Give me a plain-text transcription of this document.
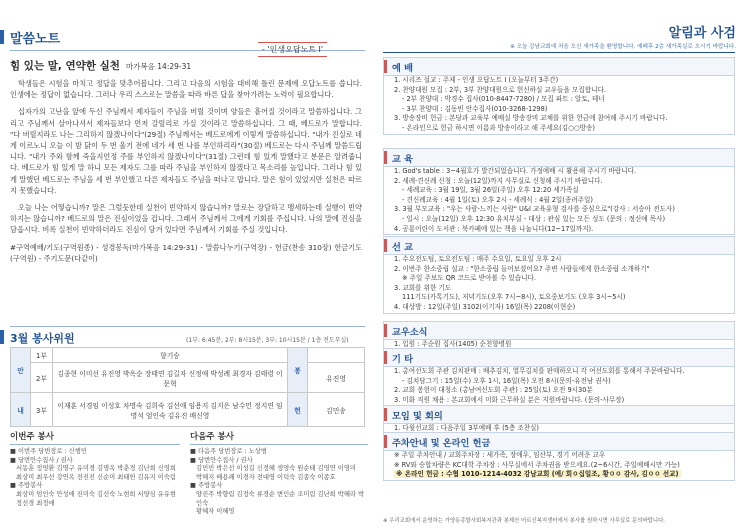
말씀노트
- '인생오답노트 I'
힘 있는 말, 연약한 실천 마가복음 14:29-31

학생들은 시험을 마치고 정답을 맞추어봅니다. 그리고 다음의 시험을 대비해 틀린 문제에 오답노트를 씁니다. 인생에는 정답이 없습니다. 그러나 우리 스스로는 말씀을 따라 바른 답을 찾아가려는 노력이 필요합니다.

십자가의 고난을 앞에 두신 주님께서 제자들이 주님을 버릴 것이며 양들은 흩어질 것이라고 말씀하십니다. 그리고 주님께서 살아나셔서 제자들보다 먼저 갈릴리로 가실 것이라고 말씀하십니다. 그 때, 베드로가 말합니다. "다 버릴지라도 나는 그리하지 않겠나이다"(29절) 주님께서는 베드로에게 이렇게 말씀하십니다. "내가 진실로 네게 이르노니 오늘 이 밤 닭이 두 번 울기 전에 네가 세 번 나를 부인하리라"(30절) 베드로는 다시 주님께 말씀드립니다. "내가 주와 함께 죽을지언정 주를 부인하지 않겠나이다"(31절) 그런데 힘 있게 말했다고 분문은 알려줍니다. 베드로가 힘 있게 말 하니 모든 제자도 그를 따라 주님을 부인하지 않겠다고 목소리를 높입니다. 그러나 힘 있게 말했던 베드로는 주님을 세 번 부인했고 다른 제자들도 주님을 떠나고 맙니다. 말은 힘이 있었지만 실천은 따르지 못했습니다.

오늘 나는 어떻습니까? 말은 그럴듯한데 실천이 빈약하지 않습니까? 말로는 장담하고 맹세하는데 실행이 빈약하지는 않습니까? 베드로의 말은 진심이었을 겁니다. 그래서 주님께서 그에게 기회를 주십니다. 나의 말에 진심을 담읍시다. 비록 실천이 빈약하더라도 진심이 담겨 있다면 주님께서 기회를 주실 것입니다.

#구역예배/기도(구역원종) - 성경봉독(마가복음 14:29-31) - 말씀나누기(구역장) - 헌금(찬송 310장) 헌금기도(구역원) - 주기도문(다같이)

3월 봉사위원	(1부: 6:45분, 2부: 8시15분, 3부: 10시15분 / 1층 전도부실)
안	1부	향기승	봉	
	2부	김종현 이미선 유진영 박옥순 장태연 김길자 신정애 박성례 최경자 김태령 이문혁		유진영
내	3부	이재훈 서경임 이성호 차명숙 김희숙 김선애 임용지 김지은 남수민 정지연 임명석 엄인숙 김유진 배신영	헌	김민송
이번주 봉사
■ 이번주 당번장로 : 신행민
■ 당번안수집사 / 권사
서동훈 정영환 김명구 유미경 김명옥 박춘경 김난희 신영희
최상미 최우선 강연옥 전진진 신순미 최태헌 김유지 이숙림
■ 주방봉사
최상미 엄인숙 안성애 진미숙 김선숙 노현희 서양심 유유현
정선경 최정애
다음주 봉사
■ 다음주 당번장로 : 노상범
■ 당번안수집사 / 권사
김민민 박은선 이성길 신정혜 생영숙 원순태 김영연 이영미
박혜지 배용쾌 이경자 전대영 이덕숙 김종숙 이종호
■ 주방봉사
양진주 박향림 김정숙 류경순 변인순 조미림 김난희 박혜라 박인숙
황혜자 이혜영
알림과 사검
※ 오늘 강남교회에 처음 오신 새가족을 환영합니다. 예배후 2층 새가족실로 오시기 바랍니다.
예 배
1. 시리즈 설교 : 주제 - 인생 오답노트 I (오늘부터 3주간)
2. 찬양대원 모집 : 2부, 3부 찬양대원으로 헌신하실 교우들을 모집합니다.
- 2부 찬양대 : 박경수 집사(010-8447-7280) / 모집 파트 : 알토, 테너
- 3부 찬양대 : 김동빈 안수집사(010-3268-1298)
3. 방송장비 헌금 : 본당과 교육부 예배실 방송장비 교체를 위한 헌금에 참여해 주시기 바랍니다.
- 온라인으로 헌금 하시면 이름과 방송이라고 해 주세요(김○○방송)
교 육
1. God's table : 3~4월호가 발간되었습니다. 가정예배 시 활용해 주시기 바랍니다.
2. 세례·견신례 신청 : 오늘(12일)까지 사무실로 신청해 주시기 바랍니다.
- 세례교육 : 3월 19일, 3월 26일(주일) 오후 12:20 세가족실
- 견신례교육 : 4월 1일(토) 오후 2시 - 세례식 : 4월 2일(종려주일)
3. 3월 부모교육 : "우는 사람-느끼는 사람" U&I 교육유형 검사를 중심으로"(강사 : 서승아 전도사)
- 일시 : 오늘(12일) 오후 12:30 유치부실 - 대상 : 관심 있는 모든 성도 (문의 : 정신애 목사)
4. 공룡어린이 도서관 : 북카페에 있는 책을 나눕니다(12~17일까지).
선 교
1. 수요전도팀, 토요전도팀 : 매주 수요일, 토요일 오후 2시
2. 이번주 한소중립 설교 : "한소중립 들어보셨어요? 주변 사람들에게 한소중립 소개하기"
※ 주일 주보도 QR 코드로 받아볼 수 있습니다.
3. 교회를 위한 기도
111기도(카톡기도), 저녁기도(오후 7시~8시), 토요중보기도 (오후 3시~5시)
4. 대상방 : 12일(주일) 3102(이기자) 16일(목) 2208(이현순)
교우소식
1. 입원 : 주순원 집사(1405) 순천향병원
기 타
1. 총여선도회 주관 김치판매 : 배추김치, 열무김치를 판매하오니 각 여선도회를 통해서 주문바랍니다.
- 김치담그기 : 15일(수) 오후 1시, 16일(목) 오전 8시(문의-유전남 권사)
2. 교회 봉헌이 대청소 (총남여선도회 주관) : 25일(토) 오전 9시30분
3. 미화 직원 채용 : 본교회에서 미화 근무하실 분은 지원바랍니다. (문의-사무장)
모임 및 회의
1. 다윗선교회 : 다음주일 3부예배 후 (5층 조찬실)
주차안내 및 온라인 헌금
※ 주일 주차안내 / 교회주차장 : 새가족, 장애우, 임산부, 경기 어려운 교우
※ RV와 승합차량은 KC대학 주차장 : 사무실에서 주차권을 받으세요.(2~6시간, 주일예배시만 가능)
※ 온라인 헌금 : 수협 1010-1214-4032 강남교회 (예/ 회ㅇ십일조, 황ㅇㅇ 감사, 김ㅇㅇ 선교)
※ 우리교회에서 운영하는 가양동종합사회복지관과 봉제산 어르신복지센터에서 봉사를 원하시면 사무실로 문의바랍니다.
